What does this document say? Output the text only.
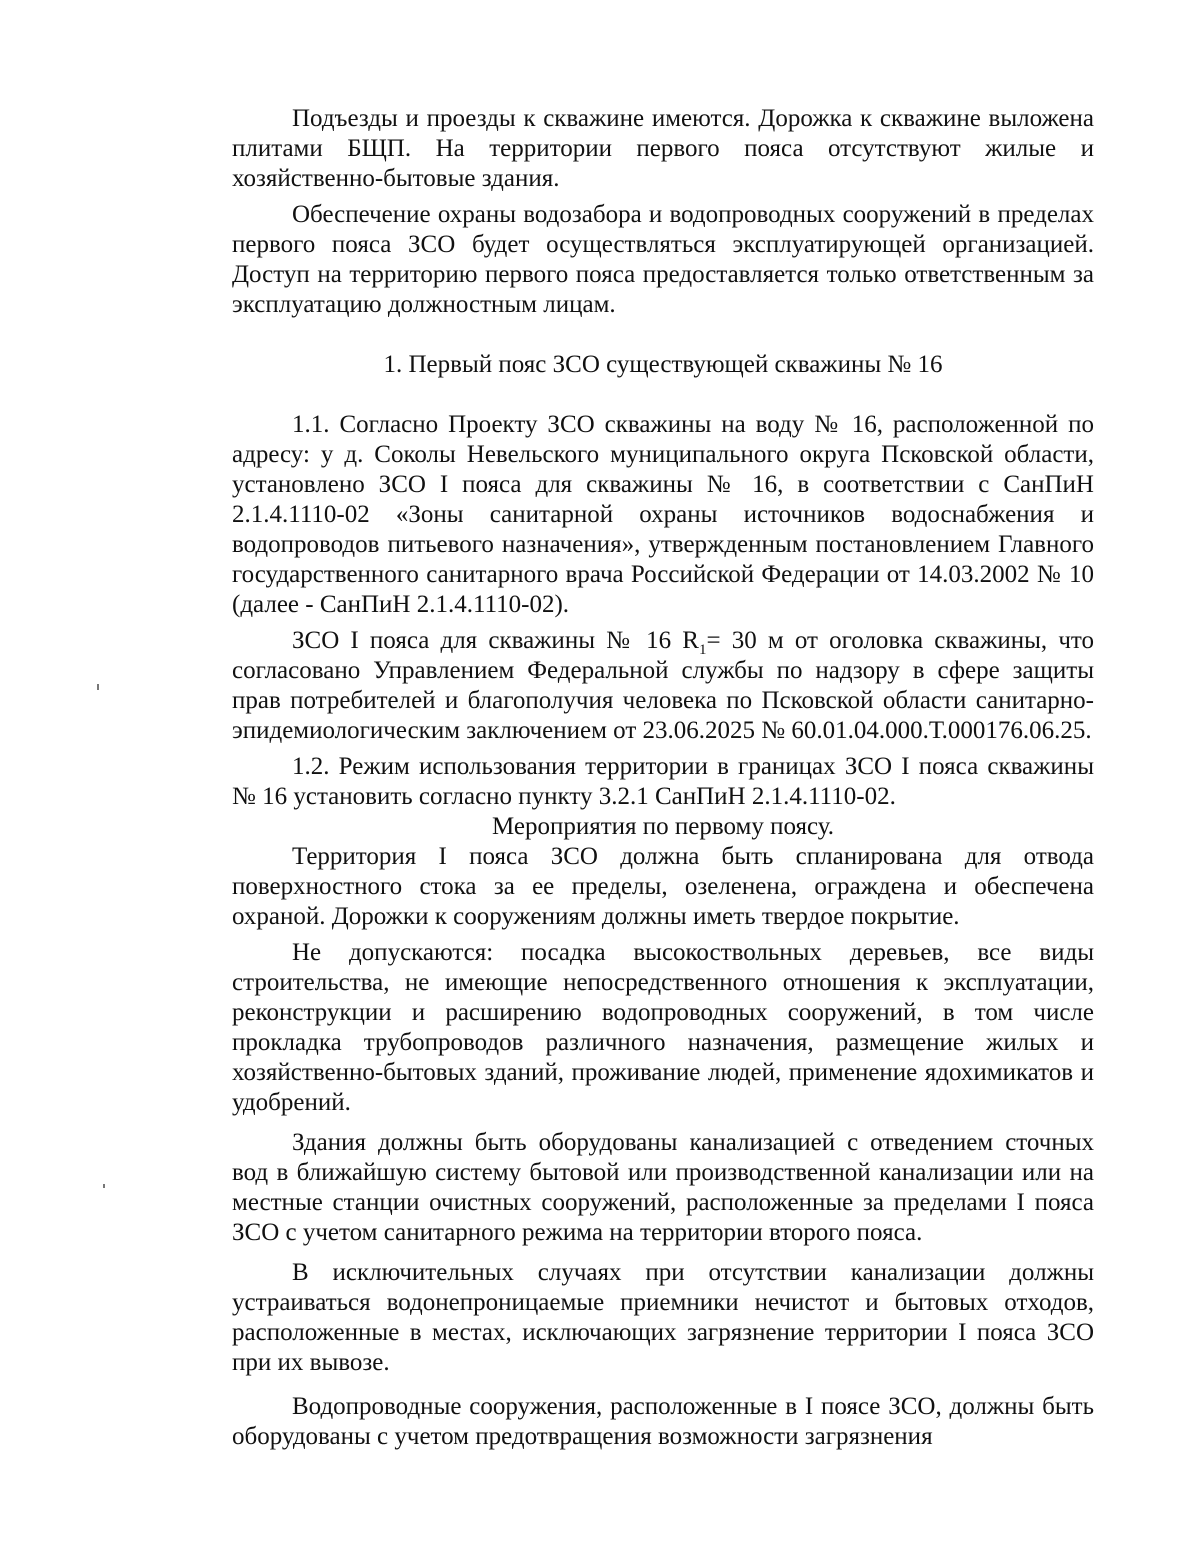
Подъезды и проезды к скважине имеются. Дорожка к скважине выложена плитами БЩП. На территории первого пояса отсутствуют жилые и хозяйственно-бытовые здания.

Обеспечение охраны водозабора и водопроводных сооружений в пределах первого пояса ЗСО будет осуществляться эксплуатирующей организацией. Доступ на территорию первого пояса предоставляется только ответственным за эксплуатацию должностным лицам.

1. Первый пояс ЗСО существующей скважины № 16

1.1. Согласно Проекту ЗСО скважины на воду № 16, расположенной по адресу: у д. Соколы Невельского муниципального округа Псковской области, установлено ЗСО I пояса для скважины № 16, в соответствии с СанПиН 2.1.4.1110-02 «Зоны санитарной охраны источников водоснабжения и водопроводов питьевого назначения», утвержденным постановлением Главного государственного санитарного врача Российской Федерации от 14.03.2002 № 10 (далее - СанПиН 2.1.4.1110-02).

ЗСО I пояса для скважины № 16 $R_1= 30$ м от оголовка скважины, что согласовано Управлением Федеральной службы по надзору в сфере защиты прав потребителей и благополучия человека по Псковской области санитарно-эпидемиологическим заключением от 23.06.2025 № 60.01.04.000.Т.000176.06.25.

1.2. Режим использования территории в границах ЗСО I пояса скважины № 16 установить согласно пункту 3.2.1 СанПиН 2.1.4.1110-02.

Мероприятия по первому поясу.

Территория I пояса ЗСО должна быть спланирована для отвода поверхностного стока за ее пределы, озеленена, ограждена и обеспечена охраной. Дорожки к сооружениям должны иметь твердое покрытие.

Не допускаются: посадка высокоствольных деревьев, все виды строительства, не имеющие непосредственного отношения к эксплуатации, реконструкции и расширению водопроводных сооружений, в том числе прокладка трубопроводов различного назначения, размещение жилых и хозяйственно-бытовых зданий, проживание людей, применение ядохимикатов и удобрений.

Здания должны быть оборудованы канализацией с отведением сточных вод в ближайшую систему бытовой или производственной канализации или на местные станции очистных сооружений, расположенные за пределами I пояса ЗСО с учетом санитарного режима на территории второго пояса.

В исключительных случаях при отсутствии канализации должны устраиваться водонепроницаемые приемники нечистот и бытовых отходов, расположенные в местах, исключающих загрязнение территории I пояса ЗСО при их вывозе.

Водопроводные сооружения, расположенные в I поясе ЗСО, должны быть оборудованы с учетом предотвращения возможности загрязнения
